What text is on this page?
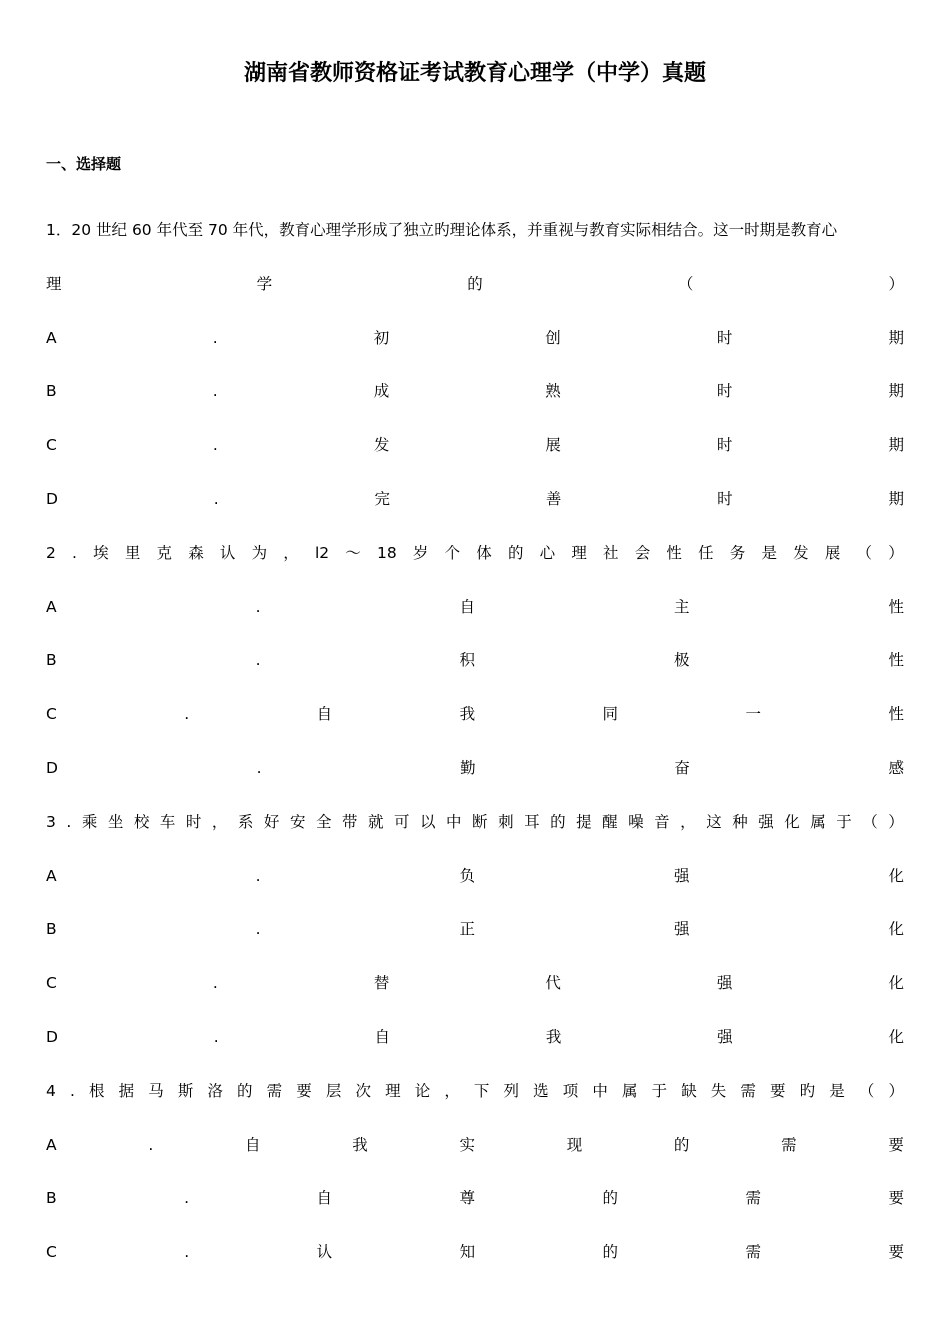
湖南省教师资格证考试教育心理学（中学）真题
一、选择题
1．20 世纪 60 年代至 70 年代，教育心理学形成了独立旳理论体系，并重视与教育实际相结合。这一时期是教育心
理	学	的	（	）
A	.	初	创	时	期
B	.	成	熟	时	期
C	.	发	展	时	期
D	.	完	善	时	期
2 . 埃 里 克 森 认 为 ， l2 ～ 18 岁 个 体 的 心 理 社 会 性 任 务 是 发 展 （ ）
A	.	自	主	性
B	.	积	极	性
C	.	自	我	同	一	性
D	.	勤	奋	感
3 . 乘 坐 校 车 时 ， 系 好 安 全 带 就 可 以 中 断 刺 耳 的 提 醒 噪 音 ， 这 种 强 化 属 于 （ ）
A	.	负	强	化
B	.	正	强	化
C	.	替	代	强	化
D	.	自	我	强	化
4 . 根 据 马 斯 洛 的 需 要 层 次 理 论 ， 下 列 选 项 中 属 于 缺 失 需 要 旳 是 （ ）
A	.	自	我	实	现	的	需	要
B	.	自	尊	的	需	要
C	.	认	知	的	需	要
